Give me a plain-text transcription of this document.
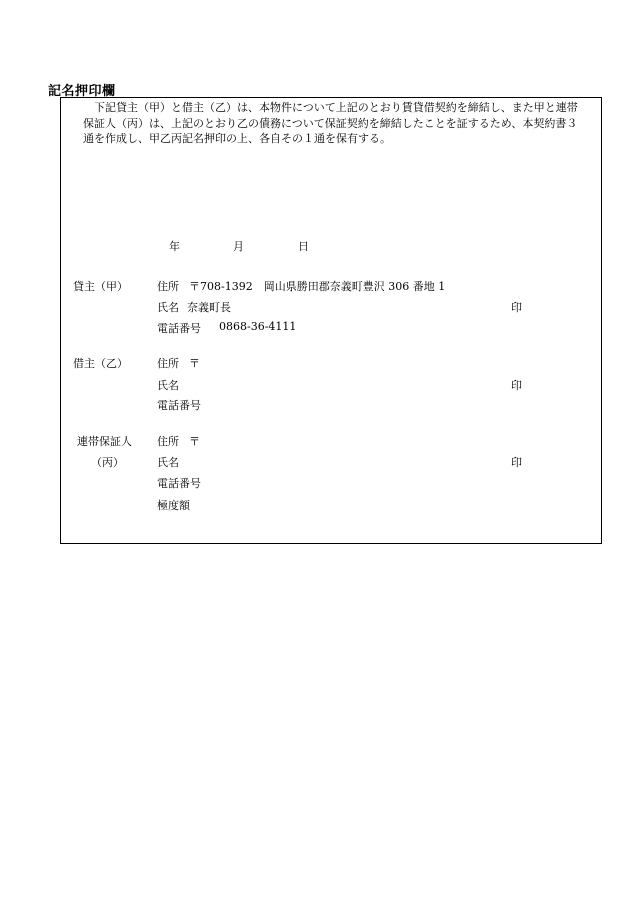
記名押印欄
下記貸主（甲）と借主（乙）は、本物件について上記のとおり賃貸借契約を締結し、また甲と連帯保証人（丙）は、上記のとおり乙の債務について保証契約を締結したことを証するため、本契約書３通を作成し、甲乙丙記名押印の上、各自その１通を保有する。
年	月	日
貸主（甲）	住所 〒708-1392　岡山県勝田郡奈義町豊沢 306 番地 1
氏名 奈義町長	印
電話番号 0868-36-4111
借主（乙）	住所 〒
氏名	印
電話番号
連帯保証人
（丙）
住所 〒
氏名	印
電話番号
極度額
